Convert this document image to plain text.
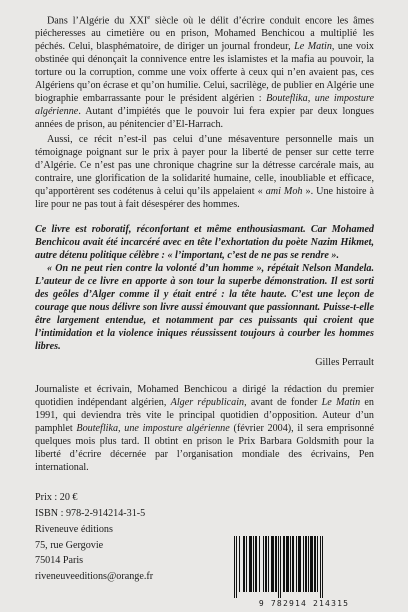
Dans l’Algérie du XXIe siècle où le délit d’écrire conduit encore les âmes piécheresses au cimetière ou en prison, Mohamed Benchicou a multiplié les péchés. Celui, blasphématoire, de diriger un journal frondeur, Le Matin, une voix obstinée qui dénonçait la connivence entre les islamistes et la mafia au pouvoir, la torture ou la corruption, comme une voix offerte à ceux qui n’en avaient pas, ces Algériens qu’on écrase et qu’on humilie. Celui, sacrilège, de publier en Algérie une biographie embarrassante pour le président algérien : Bouteflika, une imposture algérienne. Autant d’impiétés que le pouvoir lui fera expier par deux longues années de prison, au pénitencier d’El-Harrach.

Aussi, ce récit n’est-il pas celui d’une mésaventure personnelle mais un témoignage poignant sur le prix à payer pour la liberté de penser sur cette terre d’Algérie. Ce n’est pas une chronique chagrine sur la détresse carcérale mais, au contraire, une glorification de la solidarité humaine, celle, inoubliable et efficace, qu’apportèrent ses codétenus à celui qu’ils appelaient « ami Moh ». Une histoire à lire pour ne pas tout à fait désespérer des hommes.

Ce livre est roboratif, réconfortant et même enthousiasmant. Car Mohamed Benchicou avait été incarcéré avec en tête l’exhortation du poète Nazim Hikmet, autre détenu politique célèbre : « l’important, c’est de ne pas se rendre ».

« On ne peut rien contre la volonté d’un homme », répétait Nelson Mandela. L’auteur de ce livre en apporte à son tour la superbe démonstration. Il est sorti des geôles d’Alger comme il y était entré : la tête haute. C’est une leçon de courage que nous délivre son livre aussi émouvant que passionnant. Puisse-t-elle être largement entendue, et notamment par ces puissants qui croient que l’intimidation et la violence iniques réussissent toujours à courber les hommes libres.

Gilles Perrault

Journaliste et écrivain, Mohamed Benchicou a dirigé la rédaction du premier quotidien indépendant algérien, Alger républicain, avant de fonder Le Matin en 1991, qui deviendra très vite le principal quotidien d’opposition. Auteur d’un pamphlet Bouteflika, une imposture algérienne (février 2004), il sera emprisonné quelques mois plus tard. Il obtint en prison le Prix Barbara Goldsmith pour la liberté d’écrire décernée par l’organisation mondiale des écrivains, Pen international.

Prix : 20 €
ISBN : 978-2-914214-31-5
Riveneuve éditions
75, rue Gergovie
75014 Paris
riveneuveeditions@orange.fr
9 782914 214315
